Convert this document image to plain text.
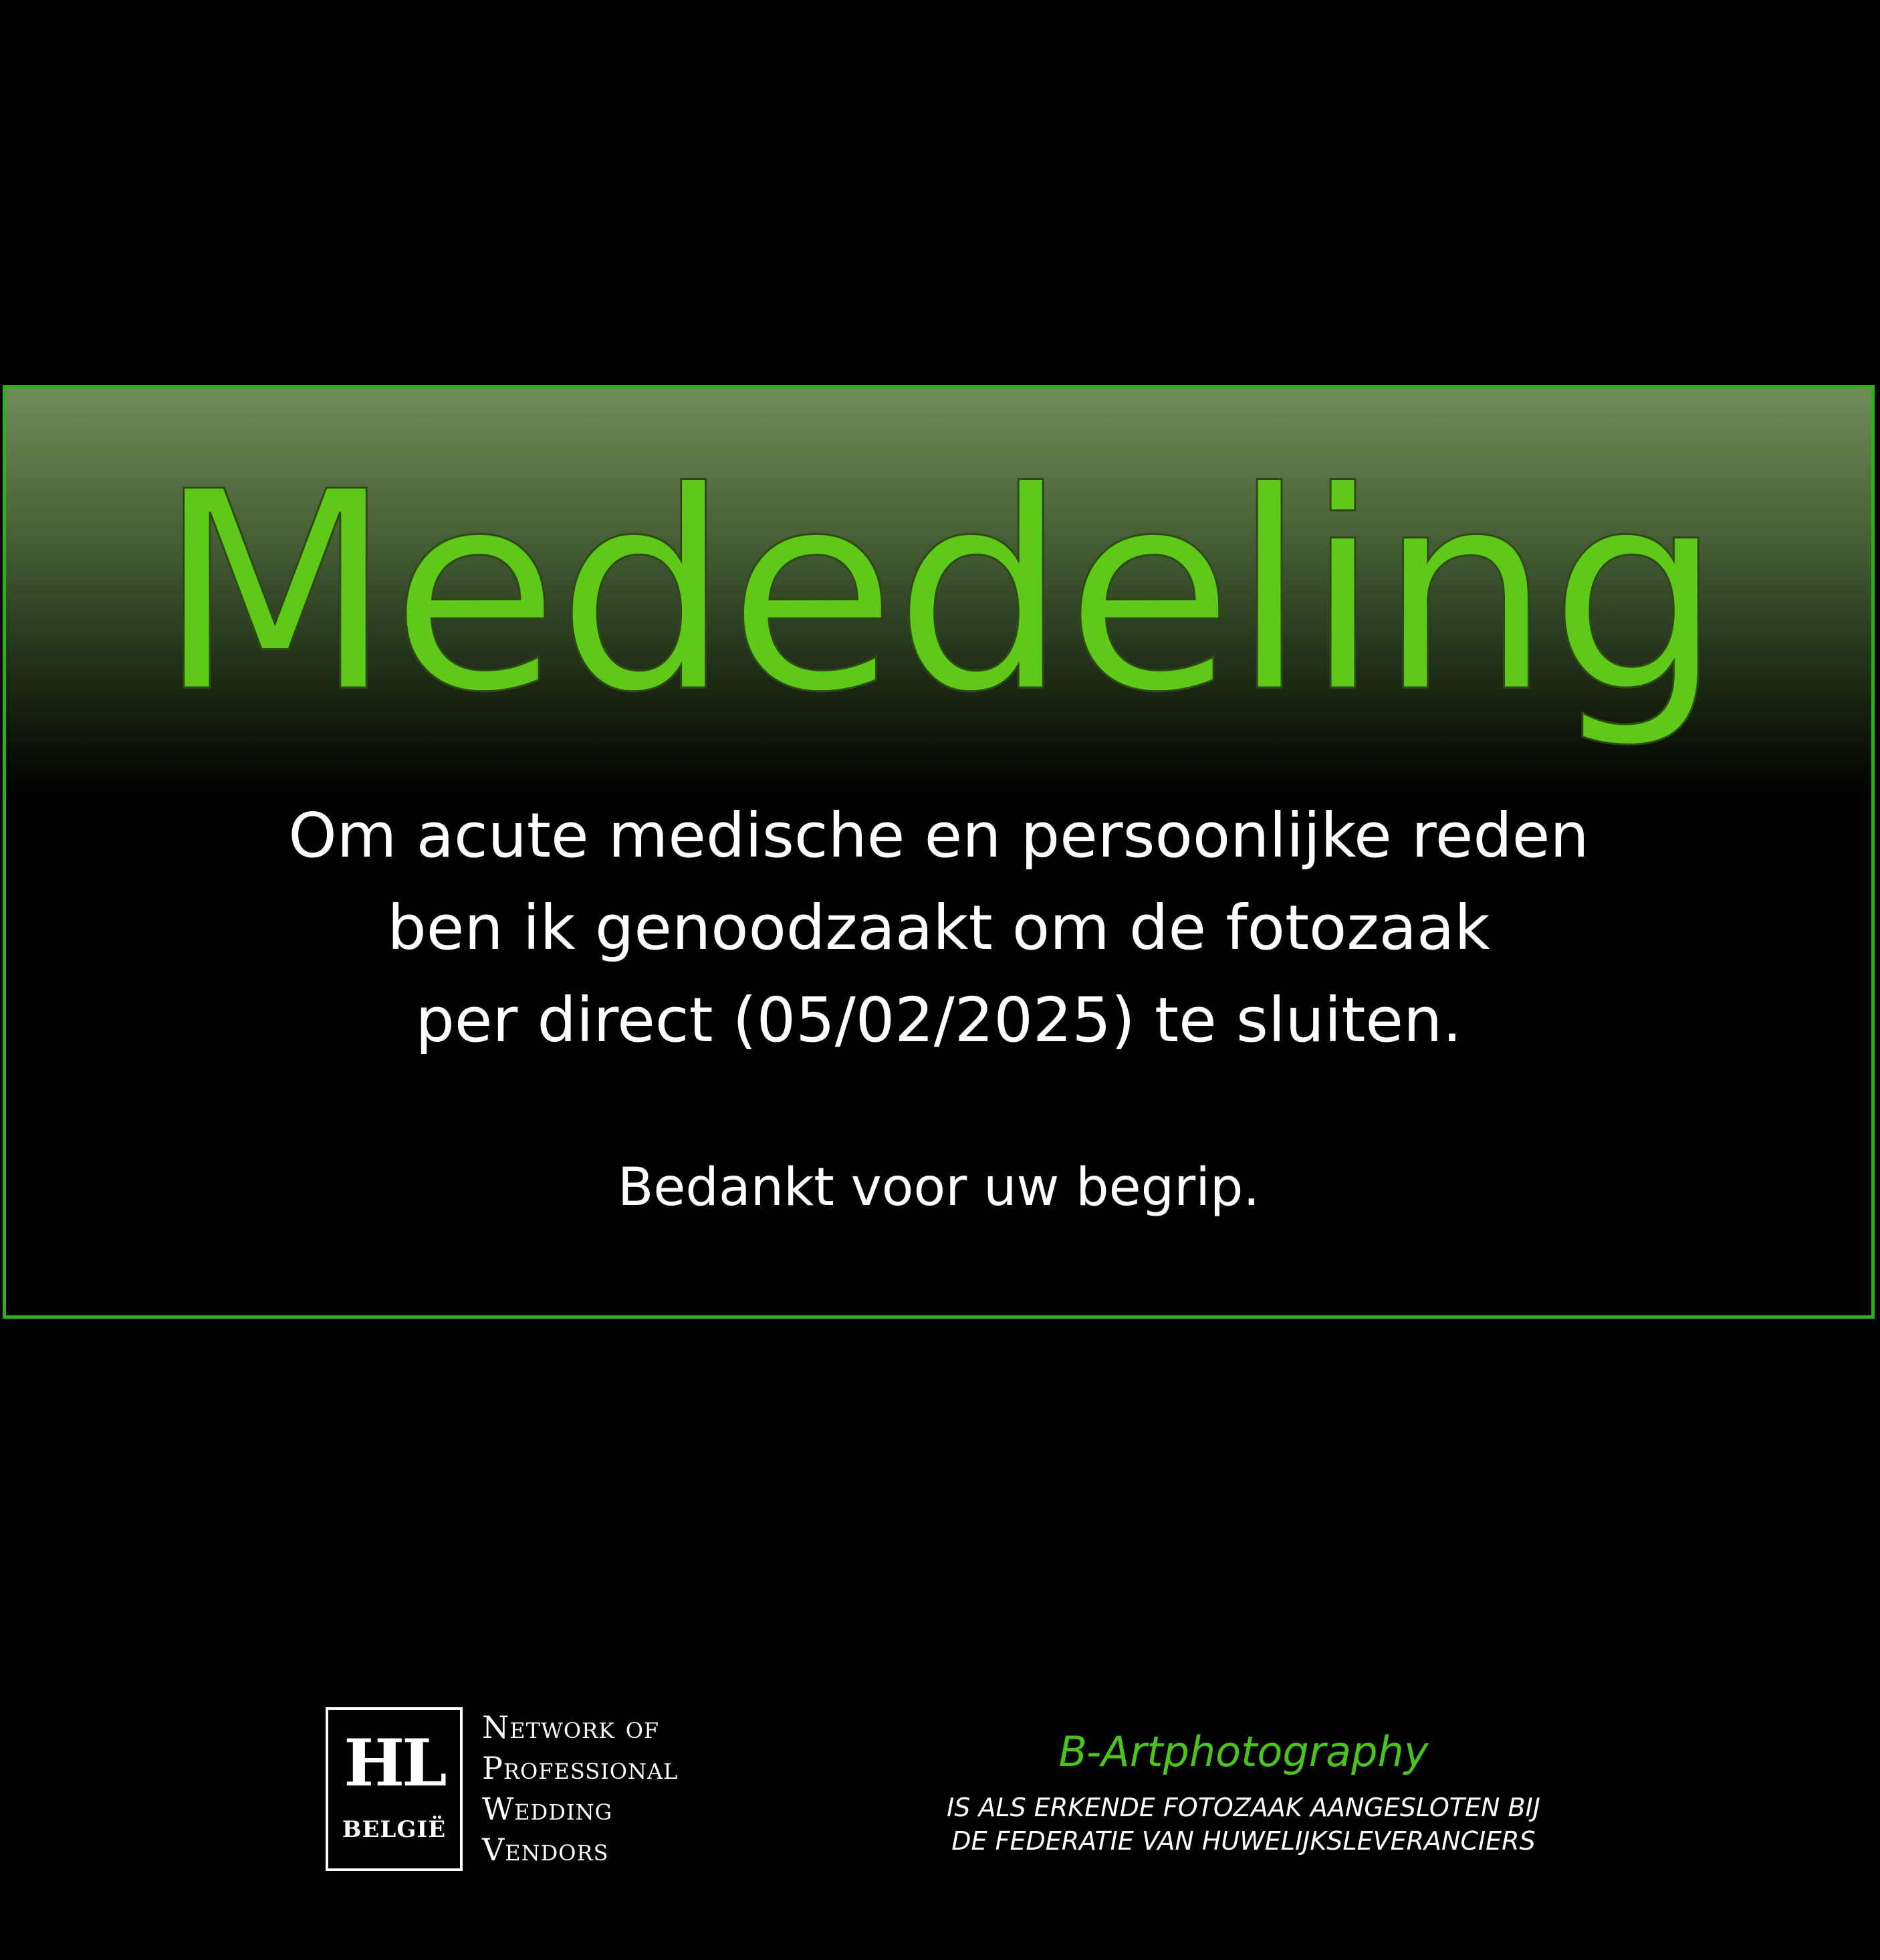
Mededeling
Om acute medische en persoonlijke reden
ben ik genoodzaakt om de fotozaak
per direct (05/02/2025) te sluiten.
Bedankt voor uw begrip.
HL
BELGIË
Network of
Professional
Wedding
Vendors
B-Artphotography
IS ALS ERKENDE FOTOZAAK AANGESLOTEN BIJ
DE FEDERATIE VAN HUWELIJKSLEVERANCIERS
